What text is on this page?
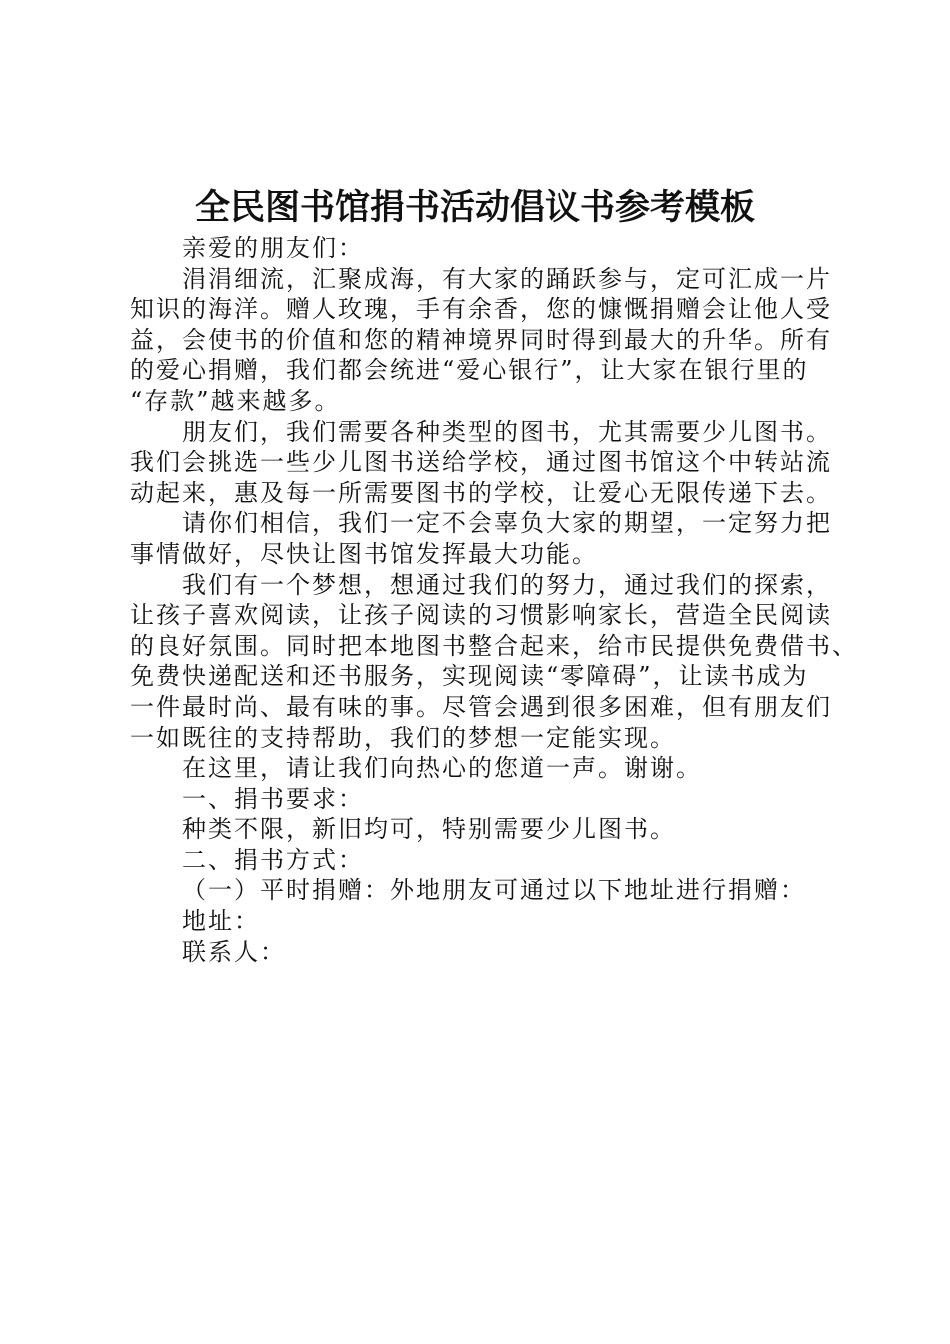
全民图书馆捐书活动倡议书参考模板

亲爱的朋友们：

涓涓细流，汇聚成海，有大家的踊跃参与，定可汇成一片

知识的海洋。赠人玫瑰，手有余香，您的慷慨捐赠会让他人受

益，会使书的价值和您的精神境界同时得到最大的升华。所有

的爱心捐赠，我们都会统进“爱心银行”，让大家在银行里的

“存款”越来越多。

朋友们，我们需要各种类型的图书，尤其需要少儿图书。

我们会挑选一些少儿图书送给学校，通过图书馆这个中转站流

动起来，惠及每一所需要图书的学校，让爱心无限传递下去。

请你们相信，我们一定不会辜负大家的期望，一定努力把

事情做好，尽快让图书馆发挥最大功能。

我们有一个梦想，想通过我们的努力，通过我们的探索，

让孩子喜欢阅读，让孩子阅读的习惯影响家长，营造全民阅读

的良好氛围。同时把本地图书整合起来，给市民提供免费借书、

免费快递配送和还书服务，实现阅读“零障碍”，让读书成为

一件最时尚、最有味的事。尽管会遇到很多困难，但有朋友们

一如既往的支持帮助，我们的梦想一定能实现。

在这里，请让我们向热心的您道一声。谢谢。

一、捐书要求：

种类不限，新旧均可，特别需要少儿图书。

二、捐书方式：

（一）平时捐赠：外地朋友可通过以下地址进行捐赠：

地址：

联系人：
